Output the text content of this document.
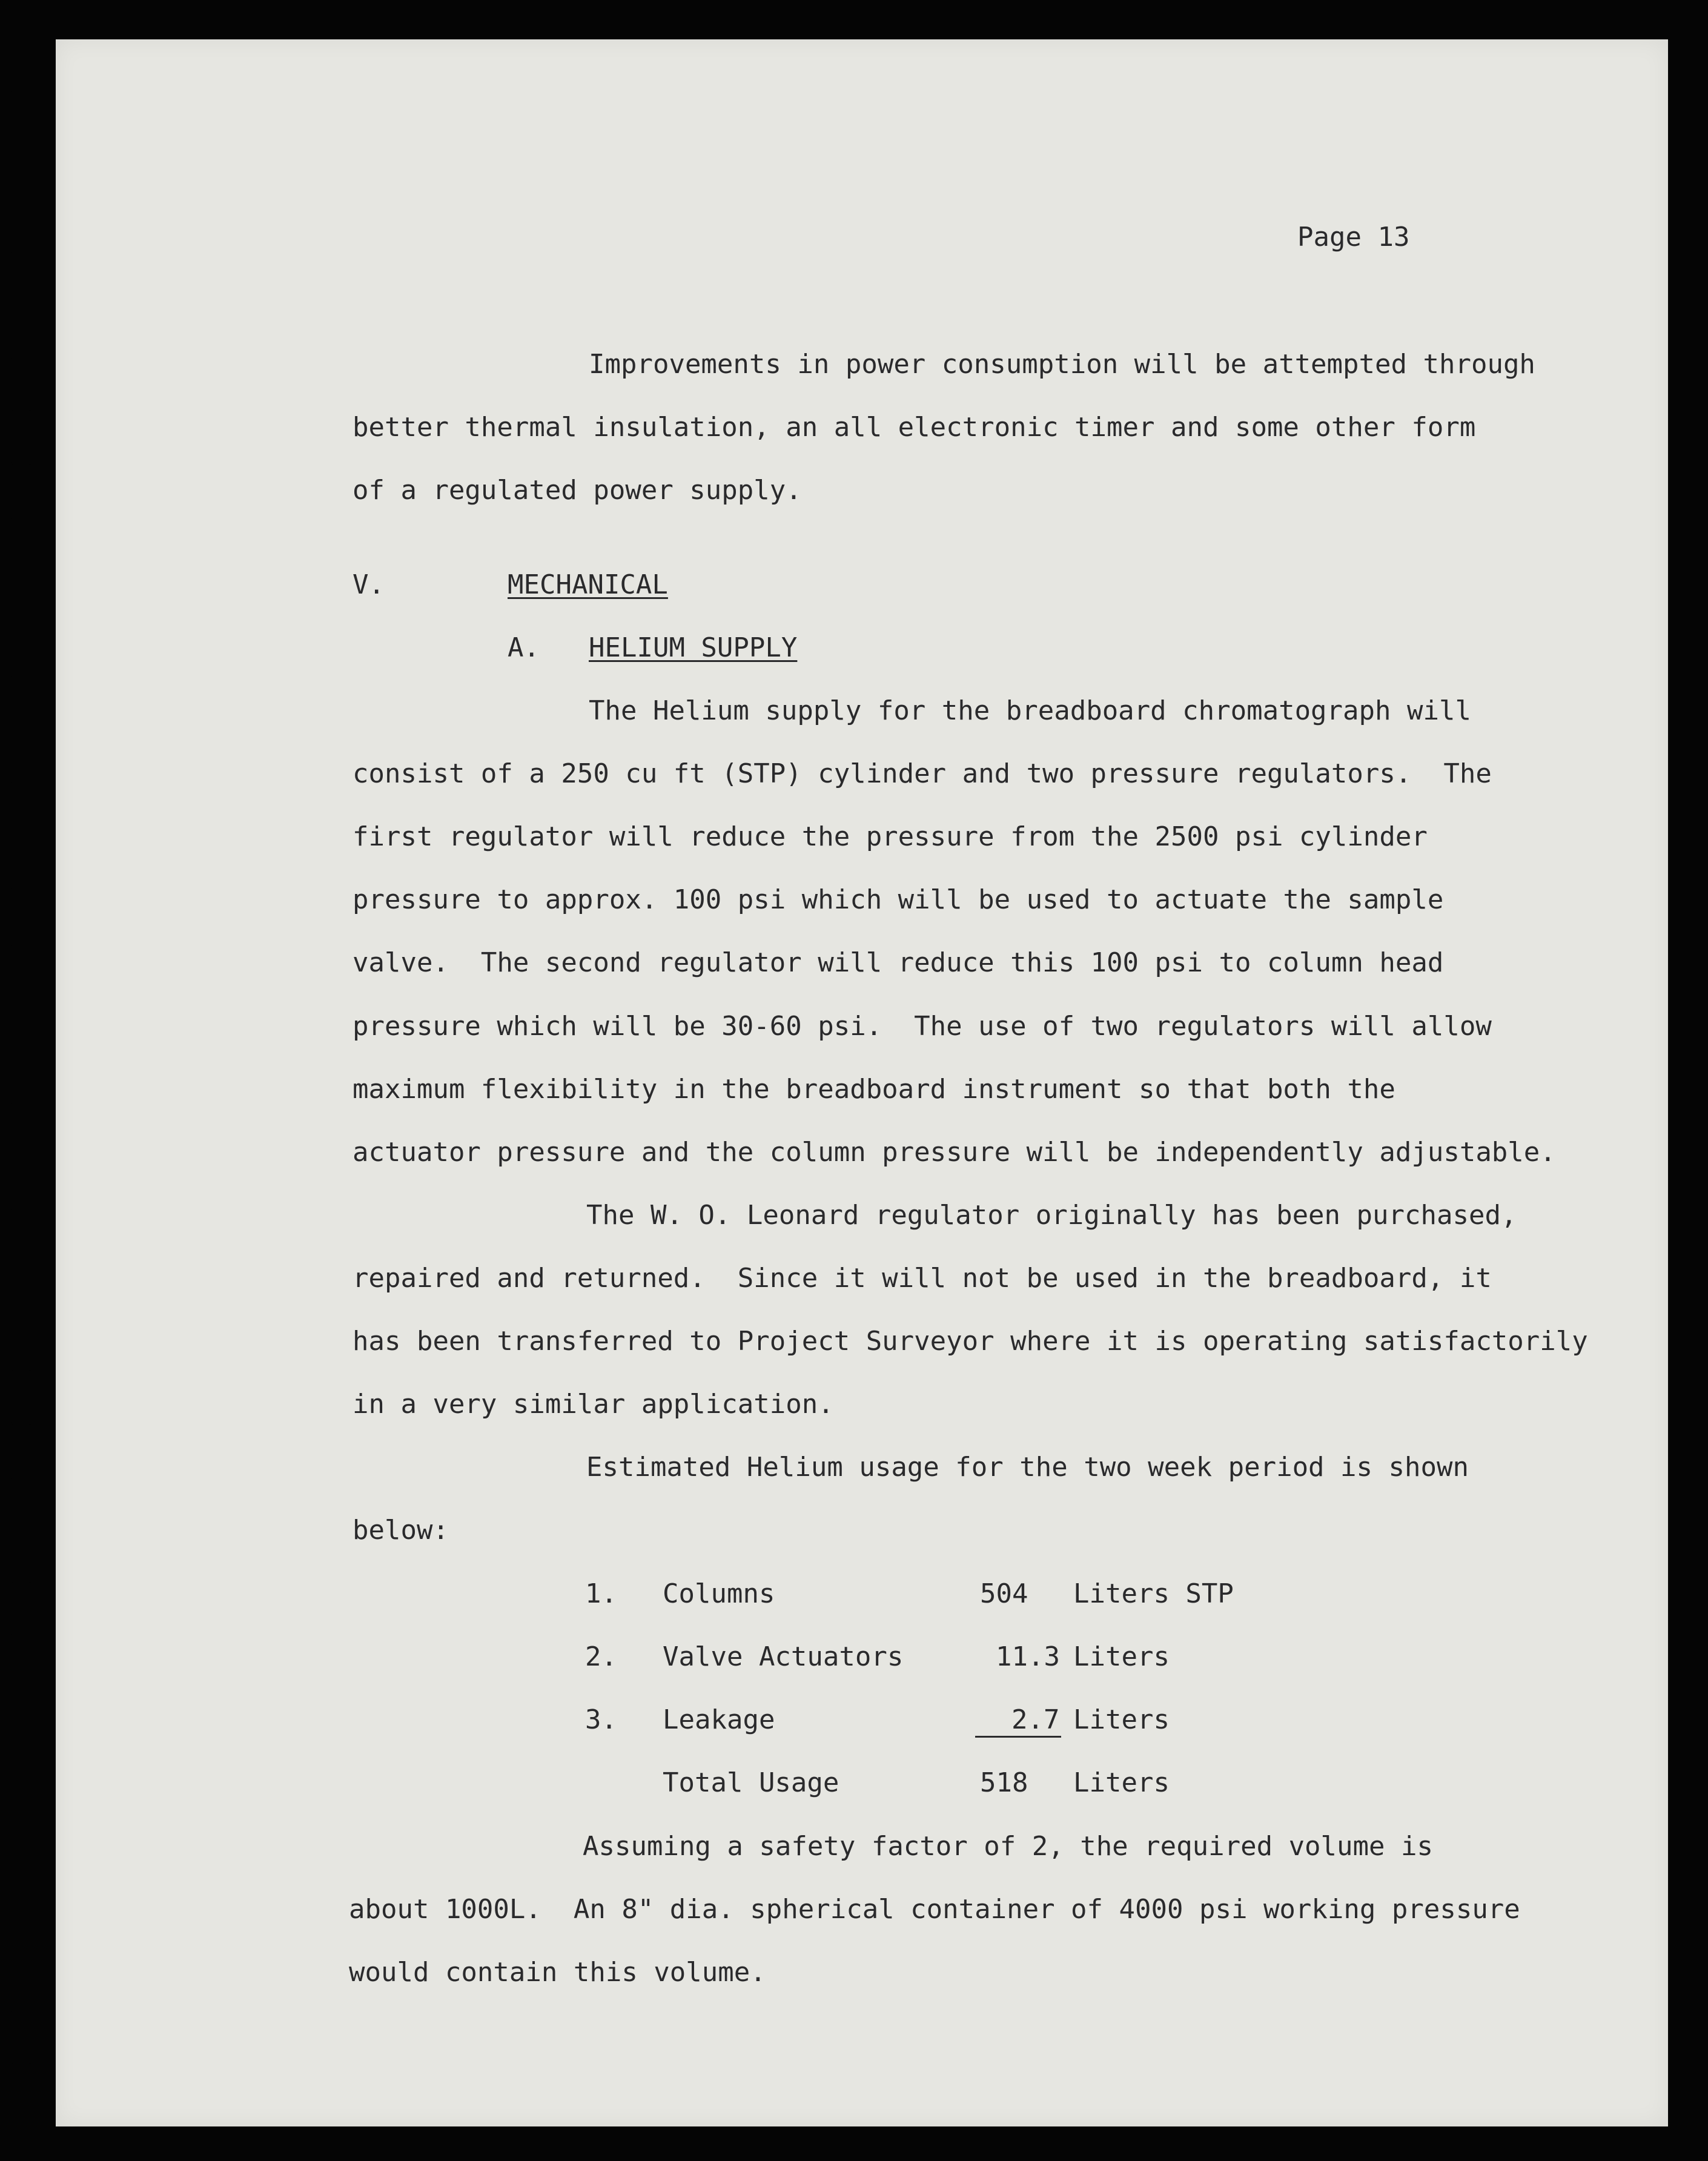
Page 13
Improvements in power consumption will be attempted through
better thermal insulation, an all electronic timer and some other form
of a regulated power supply.
V.	MECHANICAL
A. HELIUM SUPPLY
The Helium supply for the breadboard chromatograph will
consist of a 250 cu ft (STP) cylinder and two pressure regulators.  The
first regulator will reduce the pressure from the 2500 psi cylinder
pressure to approx. 100 psi which will be used to actuate the sample
valve.  The second regulator will reduce this 100 psi to column head
pressure which will be 30-60 psi.  The use of two regulators will allow
maximum flexibility in the breadboard instrument so that both the
actuator pressure and the column pressure will be independently adjustable.
The W. O. Leonard regulator originally has been purchased,
repaired and returned.  Since it will not be used in the breadboard, it
has been transferred to Project Surveyor where it is operating satisfactorily
in a very similar application.
Estimated Helium usage for the two week period is shown
below:
1. Columns	504 Liters STP
2. Valve Actuators	11.3 Liters
3. Leakage	2.7 Liters
Total Usage	518 Liters
Assuming a safety factor of 2, the required volume is
about 1000L.  An 8" dia. spherical container of 4000 psi working pressure
would contain this volume.
